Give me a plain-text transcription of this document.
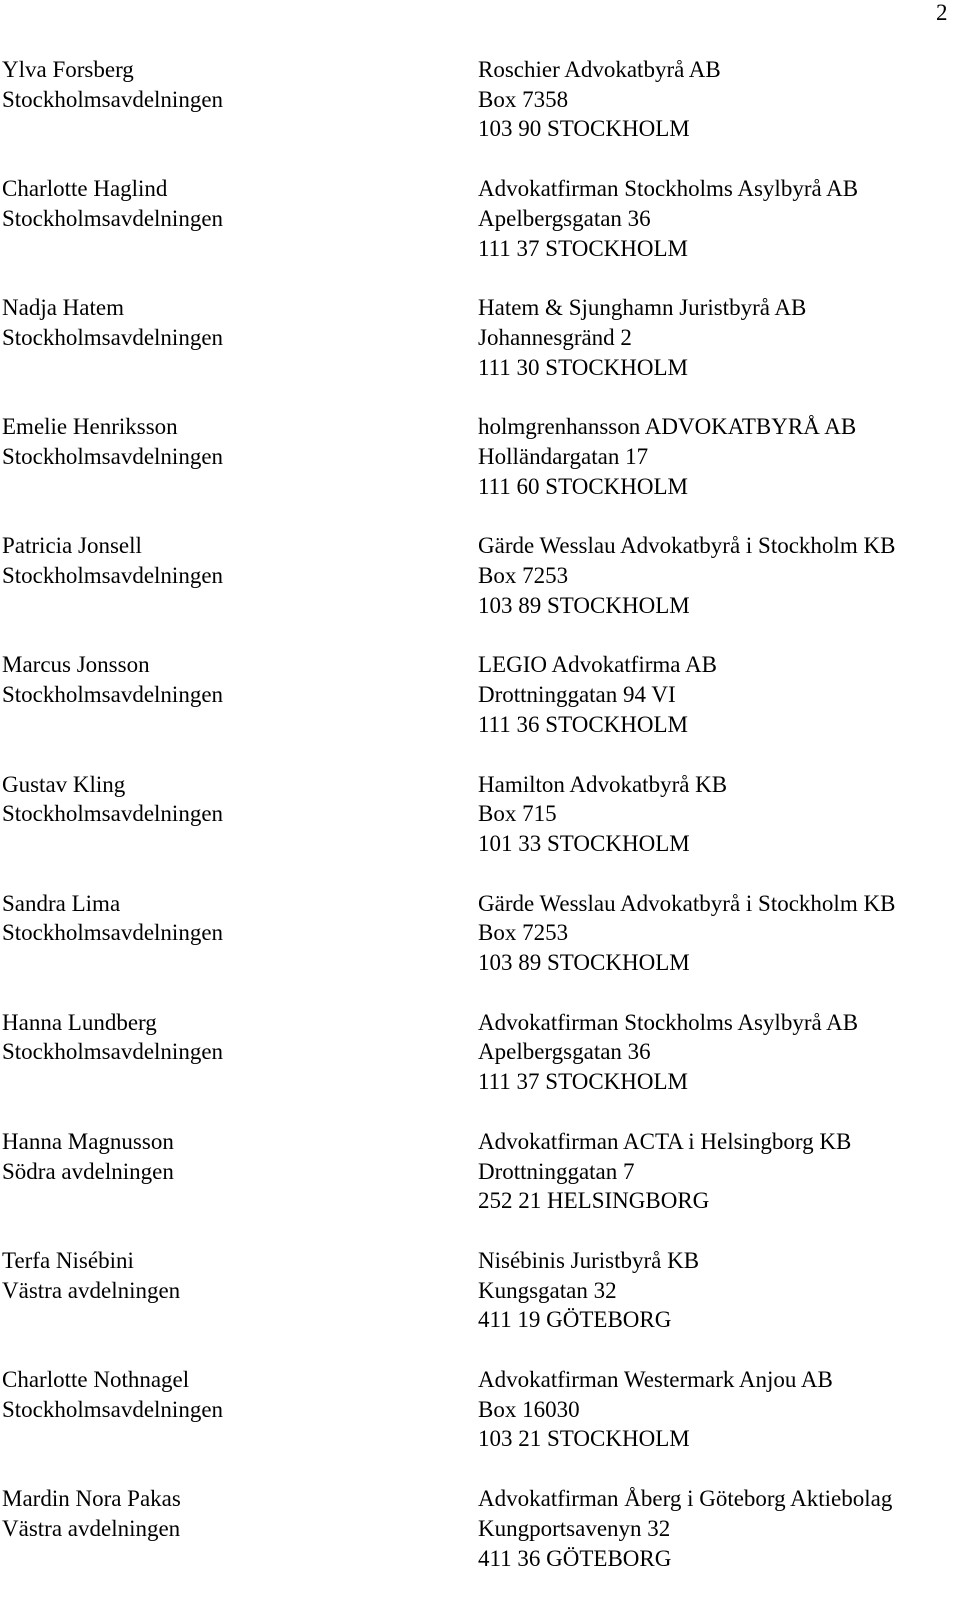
2
Ylva Forsberg
Stockholmsavdelningen
Roschier Advokatbyrå AB
Box 7358
103 90 STOCKHOLM
Charlotte Haglind
Stockholmsavdelningen
Advokatfirman Stockholms Asylbyrå AB
Apelbergsgatan 36
111 37 STOCKHOLM
Nadja Hatem
Stockholmsavdelningen
Hatem & Sjunghamn Juristbyrå AB
Johannesgränd 2
111 30 STOCKHOLM
Emelie Henriksson
Stockholmsavdelningen
holmgrenhansson ADVOKATBYRÅ AB
Holländargatan 17
111 60 STOCKHOLM
Patricia Jonsell
Stockholmsavdelningen
Gärde Wesslau Advokatbyrå i Stockholm KB
Box 7253
103 89 STOCKHOLM
Marcus Jonsson
Stockholmsavdelningen
LEGIO Advokatfirma AB
Drottninggatan 94 VI
111 36 STOCKHOLM
Gustav Kling
Stockholmsavdelningen
Hamilton Advokatbyrå KB
Box 715
101 33 STOCKHOLM
Sandra Lima
Stockholmsavdelningen
Gärde Wesslau Advokatbyrå i Stockholm KB
Box 7253
103 89 STOCKHOLM
Hanna Lundberg
Stockholmsavdelningen
Advokatfirman Stockholms Asylbyrå AB
Apelbergsgatan 36
111 37 STOCKHOLM
Hanna Magnusson
Södra avdelningen
Advokatfirman ACTA i Helsingborg KB
Drottninggatan 7
252 21 HELSINGBORG
Terfa Nisébini
Västra avdelningen
Nisébinis Juristbyrå KB
Kungsgatan 32
411 19 GÖTEBORG
Charlotte Nothnagel
Stockholmsavdelningen
Advokatfirman Westermark Anjou AB
Box 16030
103 21 STOCKHOLM
Mardin Nora Pakas
Västra avdelningen
Advokatfirman Åberg i Göteborg Aktiebolag
Kungportsavenyn 32
411 36 GÖTEBORG
